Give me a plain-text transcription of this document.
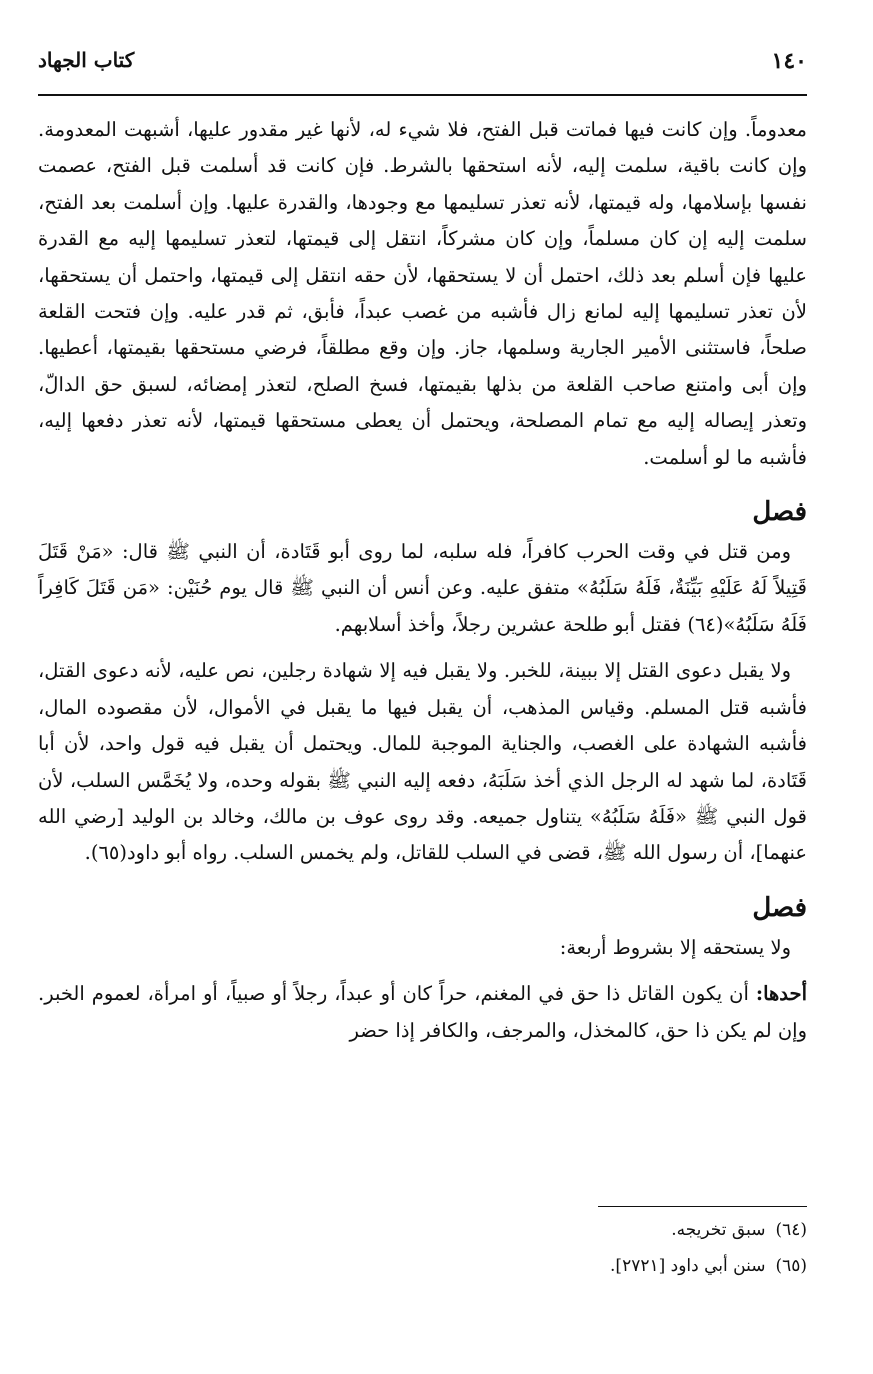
١٤٠
كتاب الجهاد

معدوماً. وإن كانت فيها فماتت قبل الفتح، فلا شيء له، لأنها غير مقدور عليها، أشبهت المعدومة. وإن كانت باقية، سلمت إليه، لأنه استحقها بالشرط. فإن كانت قد أسلمت قبل الفتح، عصمت نفسها بإسلامها، وله قيمتها، لأنه تعذر تسليمها مع وجودها، والقدرة عليها. وإن أسلمت بعد الفتح، سلمت إليه إن كان مسلماً، وإن كان مشركاً، انتقل إلى قيمتها، لتعذر تسليمها إليه مع القدرة عليها فإن أسلم بعد ذلك، احتمل أن لا يستحقها، لأن حقه انتقل إلى قيمتها، واحتمل أن يستحقها، لأن تعذر تسليمها إليه لمانع زال فأشبه من غصب عبداً، فأبق، ثم قدر عليه. وإن فتحت القلعة صلحاً، فاستثنى الأمير الجارية وسلمها، جاز. وإن وقع مطلقاً، فرضي مستحقها بقيمتها، أعطيها. وإن أبى وامتنع صاحب القلعة من بذلها بقيمتها، فسخ الصلح، لتعذر إمضائه، لسبق حق الدالّ، وتعذر إيصاله إليه مع تمام المصلحة، ويحتمل أن يعطى مستحقها قيمتها، لأنه تعذر دفعها إليه، فأشبه ما لو أسلمت.

فصل

ومن قتل في وقت الحرب كافراً، فله سلبه، لما روى أبو قَتَادة، أن النبي ﷺ قال: «مَنْ قَتَلَ قَتِيلاً لَهُ عَلَيْهِ بَيِّنَةٌ، فَلَهُ سَلَبُهُ» متفق عليه. وعن أنس أن النبي ﷺ قال يوم حُنَيْن: «مَن قَتَلَ كَافِراً فَلَهُ سَلَبُهُ»(٦٤) فقتل أبو طلحة عشرين رجلاً، وأخذ أسلابهم.

ولا يقبل دعوى القتل إلا ببينة، للخبر. ولا يقبل فيه إلا شهادة رجلين، نص عليه، لأنه دعوى القتل، فأشبه قتل المسلم. وقياس المذهب، أن يقبل فيها ما يقبل في الأموال، لأن مقصوده المال، فأشبه الشهادة على الغصب، والجناية الموجبة للمال. ويحتمل أن يقبل فيه قول واحد، لأن أبا قَتَادة، لما شهد له الرجل الذي أخذ سَلَبَهُ، دفعه إليه النبي ﷺ بقوله وحده، ولا يُخَمَّس السلب، لأن قول النبي ﷺ «فَلَهُ سَلَبُهُ» يتناول جميعه. وقد روى عوف بن مالك، وخالد بن الوليد [رضي الله عنهما]، أن رسول الله ﷺ، قضى في السلب للقاتل، ولم يخمس السلب. رواه أبو داود(٦٥).

فصل

ولا يستحقه إلا بشروط أربعة:

أحدها: أن يكون القاتل ذا حق في المغنم، حراً كان أو عبداً، رجلاً أو صبياً، أو امرأة، لعموم الخبر. وإن لم يكن ذا حق، كالمخذل، والمرجف، والكافر إذا حضر

(٦٤)سبق تخريجه.
(٦٥)سنن أبي داود [٢٧٢١].
